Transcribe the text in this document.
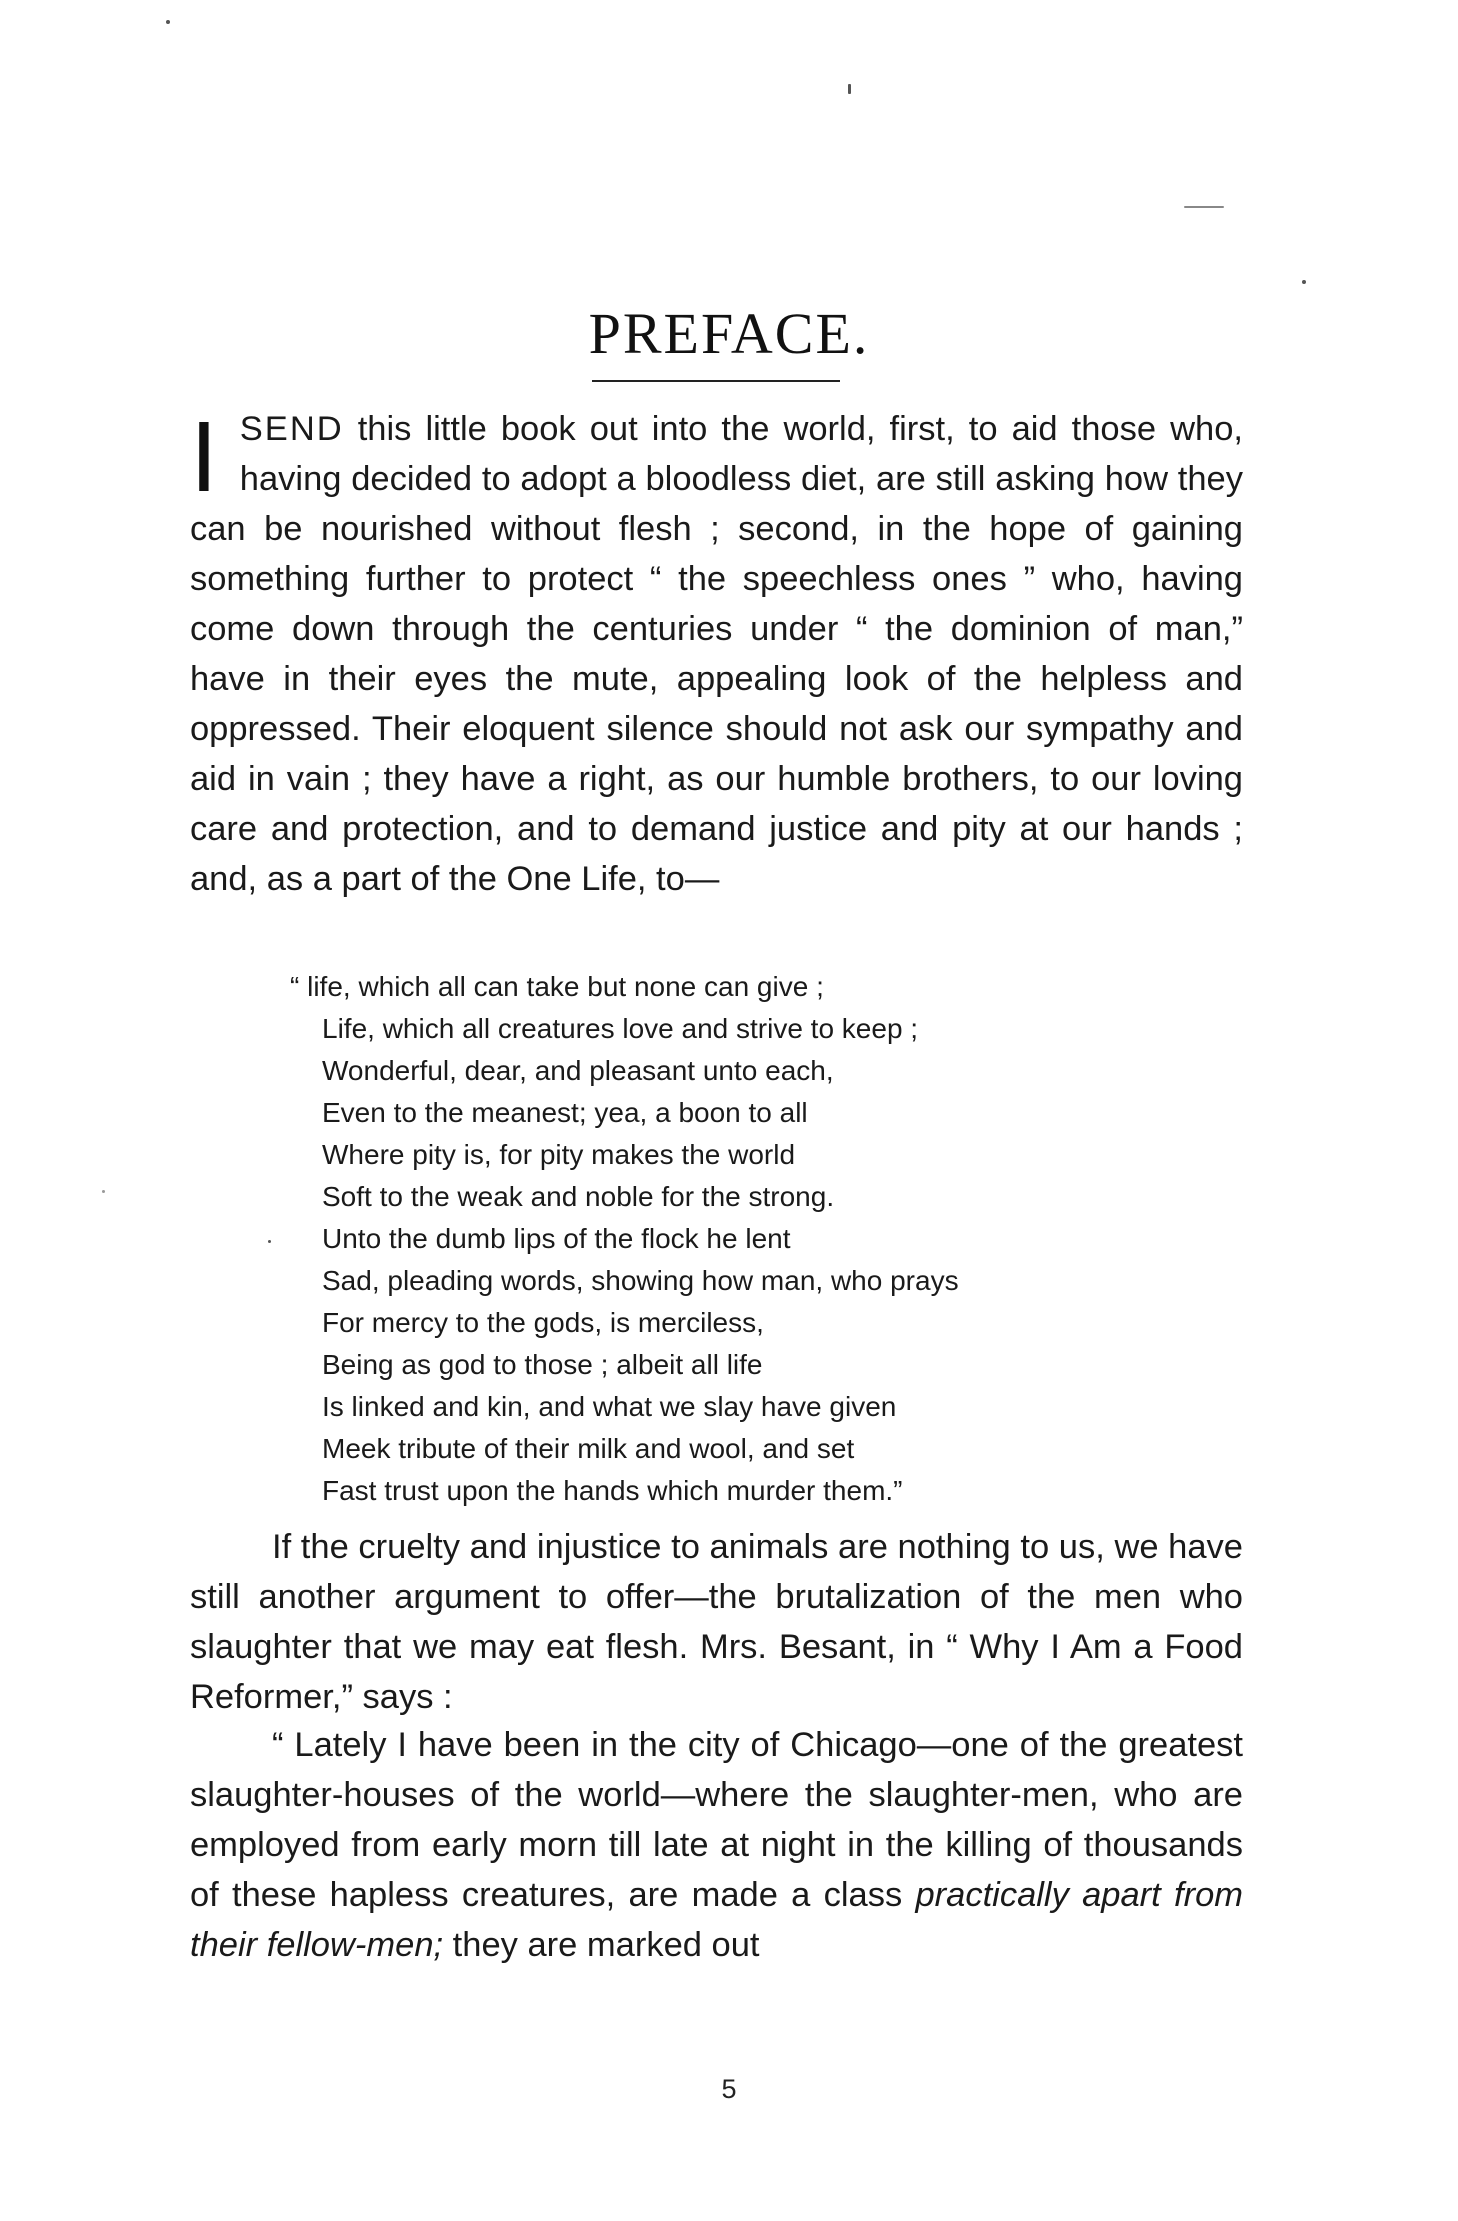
PREFACE.

ISEND this little book out into the world, first, to aid those who, having decided to adopt a bloodless diet, are still asking how they can be nourished without flesh ; second, in the hope of gaining something further to protect “ the speechless ones ” who, having come down through the centuries under “ the dominion of man,” have in their eyes the mute, appealing look of the helpless and oppressed. Their eloquent silence should not ask our sympathy and aid in vain ; they have a right, as our humble brothers, to our loving care and protection, and to demand justice and pity at our hands ; and, as a part of the One Life, to—

“ life, which all can take but none can give ;
Life, which all creatures love and strive to keep ;
Wonderful, dear, and pleasant unto each,
Even to the meanest; yea, a boon to all
Where pity is, for pity makes the world
Soft to the weak and noble for the strong.
Unto the dumb lips of the flock he lent
Sad, pleading words, showing how man, who prays
For mercy to the gods, is merciless,
Being as god to those ; albeit all life
Is linked and kin, and what we slay have given
Meek tribute of their milk and wool, and set
Fast trust upon the hands which murder them.”

If the cruelty and injustice to animals are nothing to us, we have still another argument to offer—the brutalization of the men who slaughter that we may eat flesh. Mrs. Besant, in “ Why I Am a Food Reformer,” says :

“ Lately I have been in the city of Chicago—one of the greatest slaughter-houses of the world—where the slaughter-men, who are employed from early morn till late at night in the killing of thousands of these hapless creatures, are made a class practically apart from their fellow-men; they are marked out

5
